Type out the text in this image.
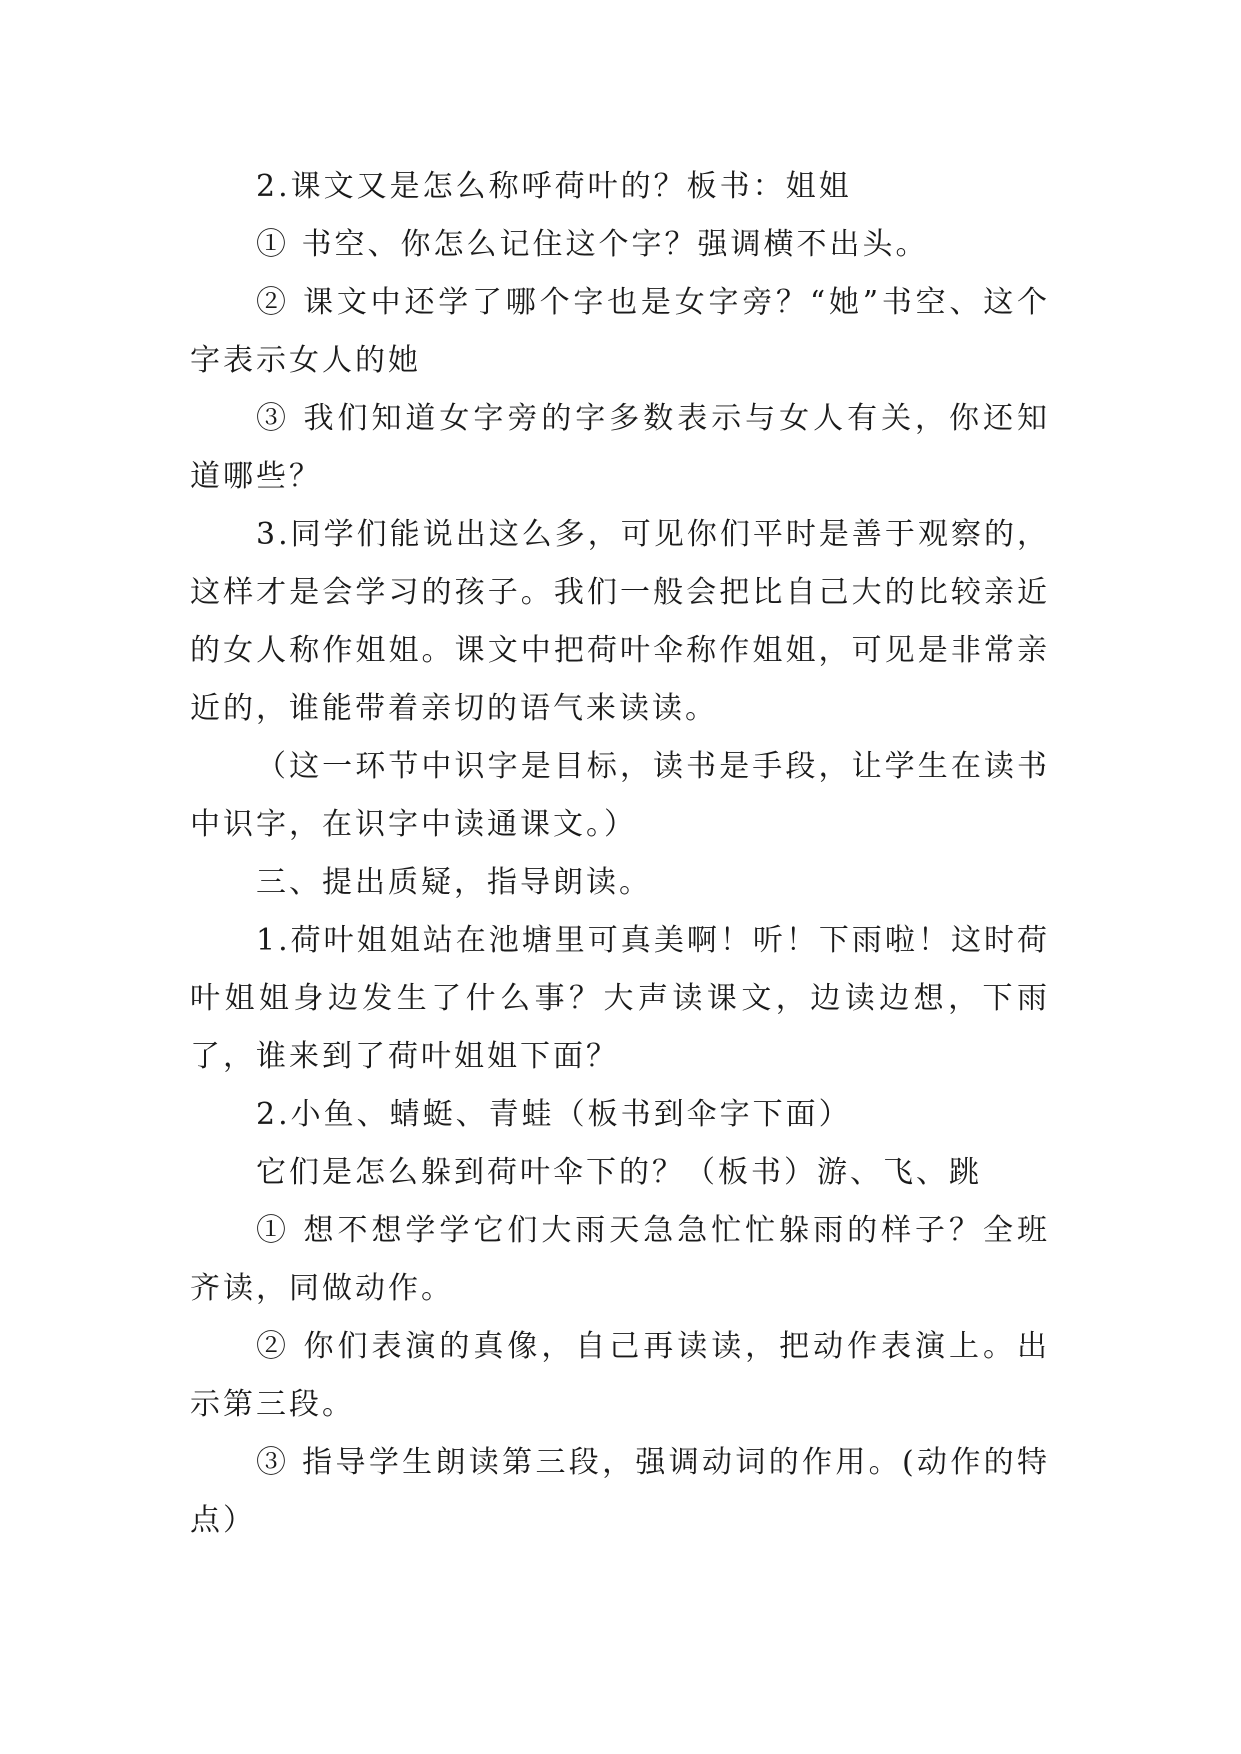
2.课文又是怎么称呼荷叶的？板书：姐姐

① 书空、你怎么记住这个字？强调横不出头。

② 课文中还学了哪个字也是女字旁？“她”书空、这个字表示女人的她

③ 我们知道女字旁的字多数表示与女人有关，你还知道哪些？

3.同学们能说出这么多，可见你们平时是善于观察的，这样才是会学习的孩子。我们一般会把比自己大的比较亲近的女人称作姐姐。课文中把荷叶伞称作姐姐，可见是非常亲近的，谁能带着亲切的语气来读读。

（这一环节中识字是目标，读书是手段，让学生在读书中识字，在识字中读通课文。）

三、提出质疑，指导朗读。

1.荷叶姐姐站在池塘里可真美啊！听！下雨啦！这时荷叶姐姐身边发生了什么事？大声读课文，边读边想，下雨了，谁来到了荷叶姐姐下面？

2.小鱼、蜻蜓、青蛙（板书到伞字下面）

它们是怎么躲到荷叶伞下的？（板书）游、飞、跳

① 想不想学学它们大雨天急急忙忙躲雨的样子？全班齐读，同做动作。

② 你们表演的真像，自己再读读，把动作表演上。出示第三段。

③ 指导学生朗读第三段，强调动词的作用。(动作的特点）
